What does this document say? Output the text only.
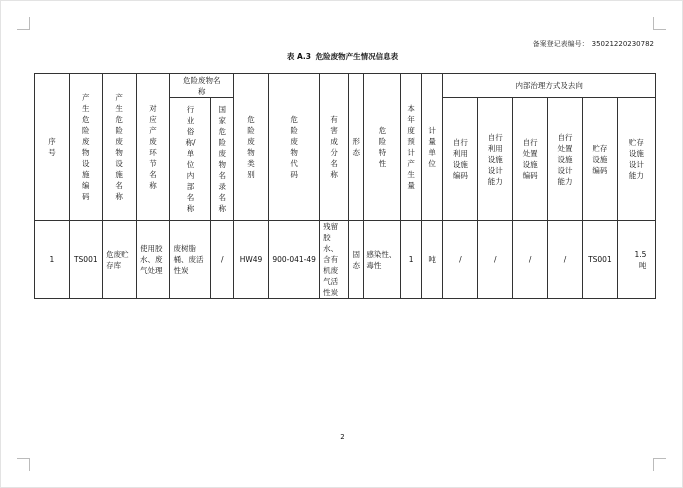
备案登记表编号： 35021220230782
表 A.3 危险废物产生情况信息表
序号	产生危险废物设施编码	产生危险废物设施名称	对应产废环节名称	危险废物名称		危险废物类别	危险废物代码	有害成分名称	形态	危险特性	本年度预计产生量	计量单位	内部治理方式及去向					
				行业俗称/单位内部名称	国家危险废物名录名称								自行利用设施编码	自行利用设施设计能力	自行处置设施编码	自行处置设施设计能力	贮存设施编码	贮存设施设计能力
1	TS001	危废贮存库	使用胶水、废气处理	废树脂桶、废活性炭	/	HW49	900-041-49	残留胶水、含有机废气活性炭	固态	感染性、毒性	1	吨	/	/	/	/	TS001	1.5 吨
2
